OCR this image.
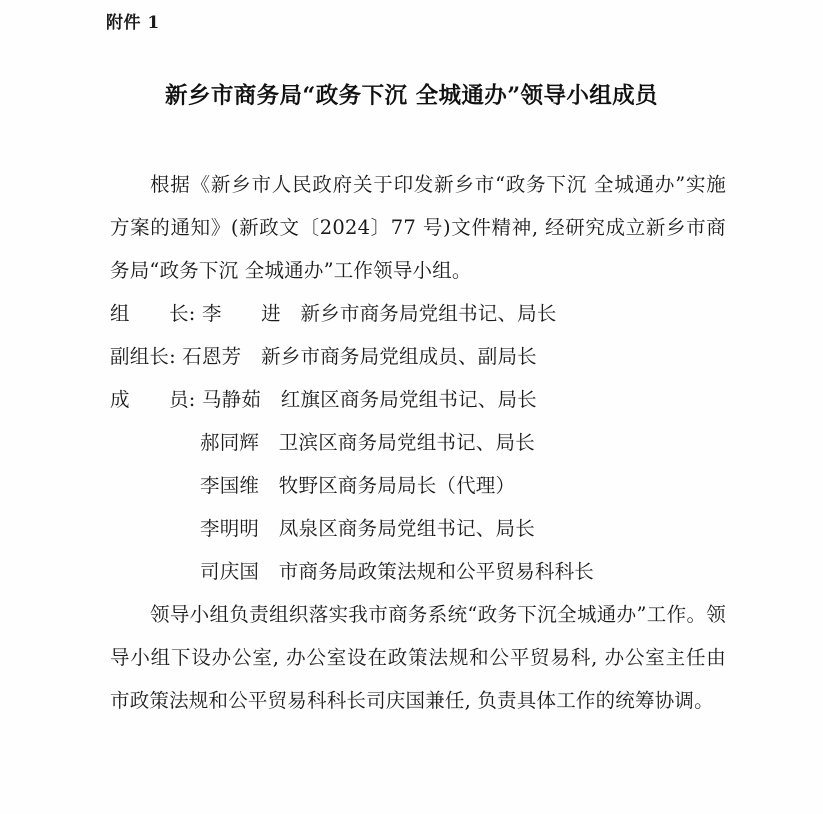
附件 1
新乡市商务局“政务下沉 全城通办”领导小组成员

根据《新乡市人民政府关于印发新乡市“政务下沉 全城通办”实施方案的通知》(新政文〔2024〕77 号)文件精神, 经研究成立新乡市商务局“政务下沉 全城通办”工作领导小组。

组　　长: 李　　进　新乡市商务局党组书记、局长
副组长: 石恩芳　新乡市商务局党组成员、副局长
成　　员: 马静茹　红旗区商务局党组书记、局长
郝同辉　卫滨区商务局党组书记、局长
李国维　牧野区商务局局长（代理）
李明明　凤泉区商务局党组书记、局长
司庆国　市商务局政策法规和公平贸易科科长

领导小组负责组织落实我市商务系统“政务下沉全城通办”工作。领导小组下设办公室, 办公室设在政策法规和公平贸易科, 办公室主任由市政策法规和公平贸易科科长司庆国兼任, 负责具体工作的统筹协调。
